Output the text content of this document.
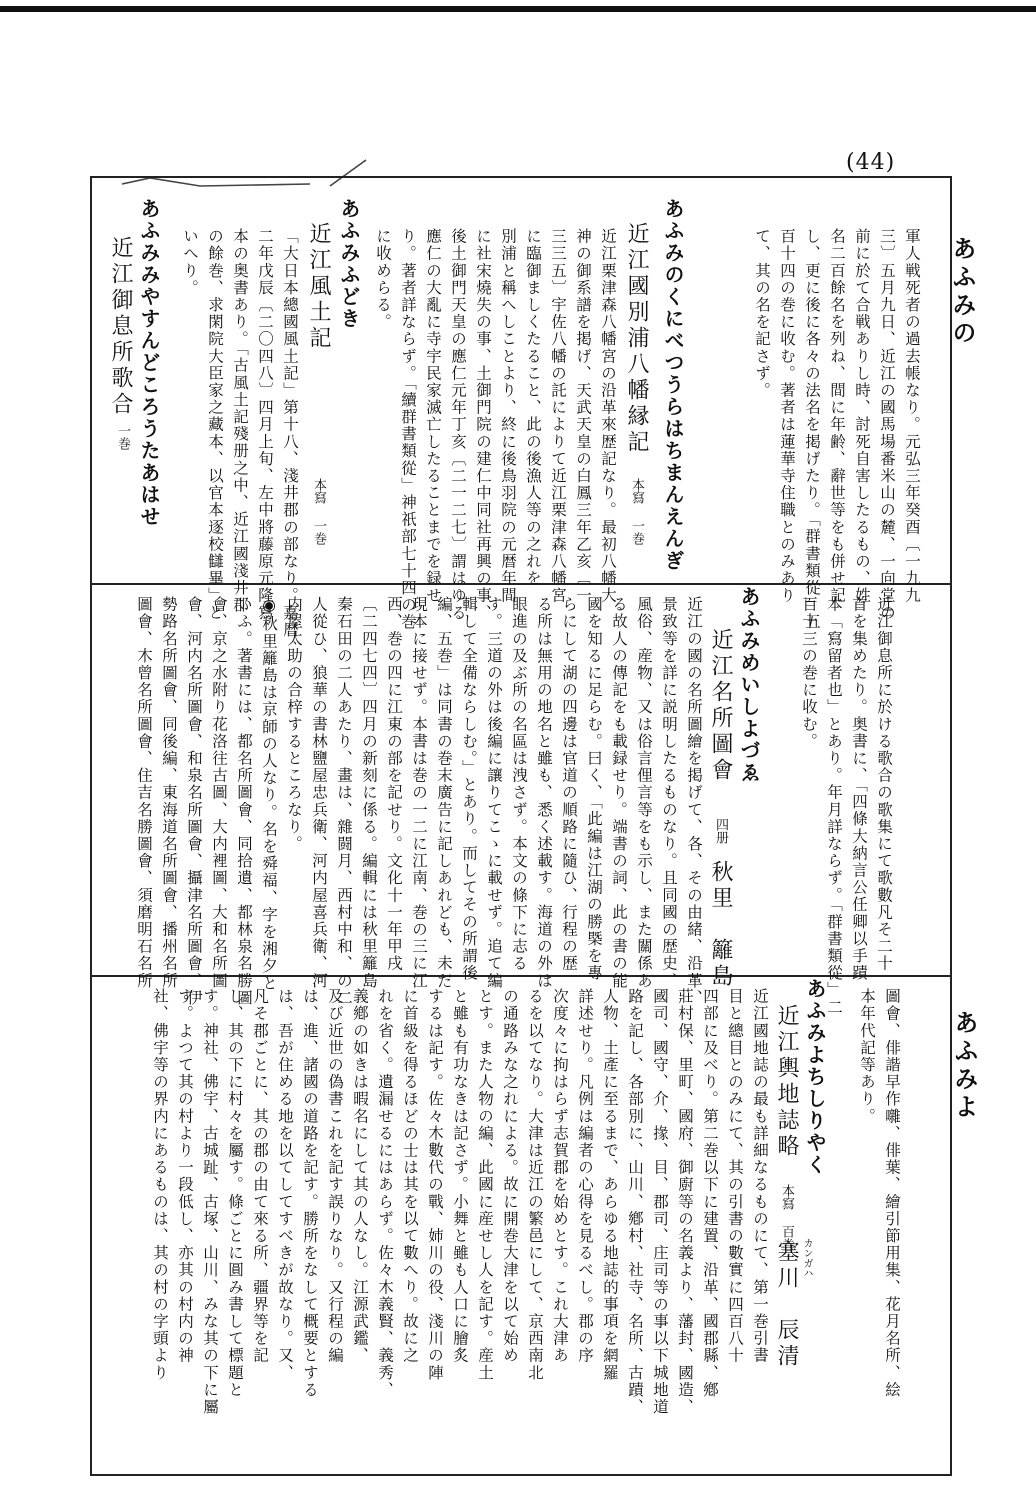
(44)
あふみの
あふみよ
軍人戦死者の過去帳なり。元弘三年癸酉〔一九九
三〕五月九日、近江の國馬場番米山の麓、一向堂の
前に於て合戦ありし時、討死自害したるもの、姓
名二百餘名を列ね、間に年齢、辭世等をも併せ記
し、更に後に各々の法名を掲げたり。「群書類從」五
百十四の巻に收む。著者は蓮華寺住職とのみあり
て、其の名を記さず。
あふみのくにべつうらはちまんえんぎ
近江國別浦八幡縁記
本寫 一巻
近江栗津森八幡宮の沿革來歴記なり。最初八幡大
神の御系譜を掲げ、天武天皇の白鳳三年乙亥〔一
三三五〕宇佐八幡の託によりて近江栗津森八幡宮
に臨御ましくたること、此の後漁人等の之れを
別浦と稱へしことより、終に後鳥羽院の元暦年間
に社宋燒失の事、土御門院の建仁中同社再興の事、
後土御門天皇の應仁元年丁亥〔二一二七〕謂はゆる
應仁の大亂に寺宇民家滅亡したることまでを録せ
り。著者詳ならず。「續群書類從」神祇部七十四の巻
に收めらる。
あふみふどき
近江風土記
本寫 一巻
「大日本總國風土記」第十八、淺井郡の部なり。嘉暦
二年戊辰〔二〇四八〕四月上旬、左中將藤原元隆寫
本の奥書あり。「古風土記殘册之中、近江國淺井郡
の餘巻、求閑院大臣家之藏本、以官本逐校讎畢」と
いへり。
あふみみやすんどころうたあはせ
近江御息所歌合
一巻
近江御息所に於ける歌合の歌集にて歌數凡そ二十
首を集めたり。奥書に、「四條大納言公任卿以手蹟
本「寫留者也」とあり。年月詳ならず。「群書類從」二
百十三の巻に收む。
あふみめいしよづゑ
近江名所圖會
四册
秋里　籬島
近江の國の名所圖繪を掲げて、各、その由緒、沿革、
景致等を詳に説明したるものなり。且同國の歴史、
風俗、産物、又は俗言俚言等をも示し、また關係あ
る故人の傳記をも載録せり。端書の詞、此の書の能
國を知るに足らむ。曰く、「此編は江湖の勝槩を專
らにして湖の四邊は官道の順路に隨ひ、行程の歴
る所は無用の地名と雖も、悉く述載す。海道の外は
眼進の及ぶ所の名區は洩さず。本文の條下に志る
す。三道の外は後編に讓りてこゝに載せず。追て編
輯して全備ならしむ。」とあり。而してその所謂後
編、五巻」は同書の巻末廣告に記しあれども、未だ
現本に接せず。本書は巻の一二に江南、巻の三に江
西、巻の四に江東の部を記せり。文化十一年甲戌
〔二四七四〕四月の新刻に係る。編輯には秋里籬島
秦石田の二人あたり、畫は、雜闘月、西村中和、の二
人從ひ、狼華の書林鹽屋忠兵衛、河内屋喜兵衛、河
内屋太助の合梓するところなり。
◉秋里籬島は京師の人なり。名を舜福、字を湘夕と
いふ。著書には、都名所圖會、同拾遺、都林泉名勝圖
會、京之水附り花洛往古圖、大内裡圖、大和名所圖
會、河内名所圖會、和泉名所圖會、攝津名所圖會、伊
勢路名所圖會、同後編、東海道名所圖會、播州名所
圖會、木曾名所圖會、住吉名勝圖會、須磨明石名所
圖會、俳諧早作囃、俳葉、繪引節用集、花月名所、絵
本年代記等あり。
あふみよちしりやく
近江輿地誌略
本寫 百巻
カンガハ
塞川　辰清
近江國地誌の最も詳細なるものにて、第一巻引書
目と總目とのみにて、其の引書の數實に四百八十
四部に及べり。第二巻以下に建置、沿革、國郡縣、鄕
莊村保、里町、國府、御廚等の名義より、藩封、國造、
國司、國守、介、掾、目、郡司、庄司等の事以下城地道
路を記し、各部別に、山川、鄕村、社寺、名所、古蹟、
人物、土產に至るまで、あらゆる地誌的事項を網羅
詳述せり。凡例は編者の心得を見るべし。郡の序
次度々に拘はらず志賀郡を始めとす。これ大津あ
るを以てなり。大津は近江の繁邑にして、京西南北
の通路みな之れによる。故に開巻大津を以て始め
とす。また人物の編、此國に産せし人を記す。産土
と雖も有功なきは記さず。小舞と雖も人口に膾炙
するは記す。佐々木數代の戰、姉川の役、淺川の陣
に首級を得るほどの士は其を以て數へり。故に之
れを省く。遺漏せるにはあらず。佐々木義賢、義秀、
義鄕の如きは暇名にして其の人なし。江源武鑑、
及び近世の偽書これを記す誤りなり。又行程の編
は、進、諸國の道路を記す。勝所をなして概要とする
は、吾が住める地を以てしてすべきが故なり。又、
凡そ郡ごとに、其の郡の由て來る所、疆界等を記
し、其の下に村々を屬す。條ごとに圓み書して標題と
す。神社、佛宇、古城趾、古塚、山川、みな其の下に屬
す。よつて其の村より一段低し、亦其の村内の神
社、佛宇等の界内にあるものは、其の村の字頭より
